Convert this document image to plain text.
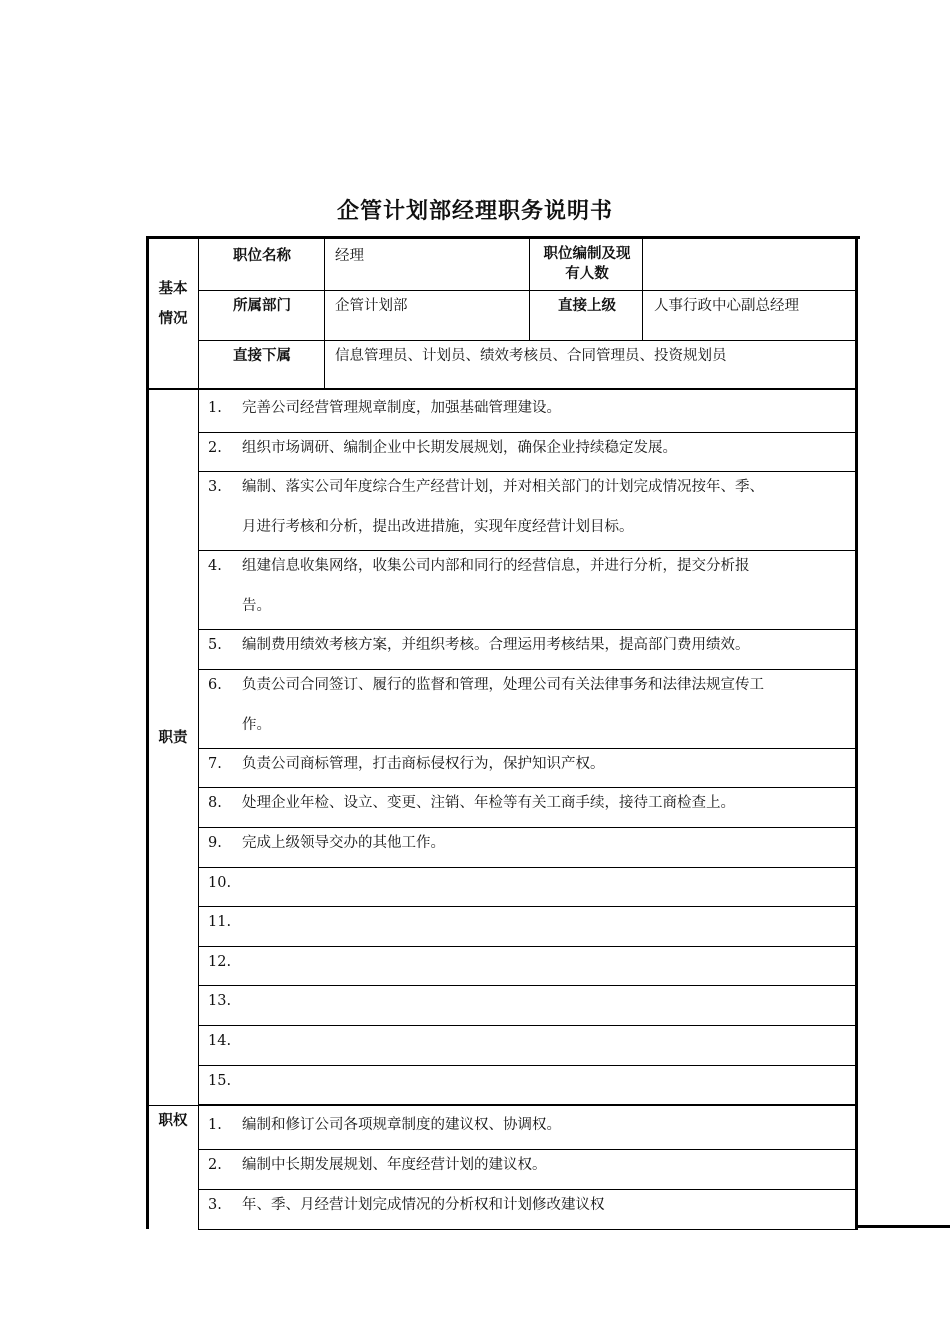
企管计划部经理职务说明书
基本
情况
职位名称	经理	职位编制及现有人数
所属部门	企管计划部	直接上级	人事行政中心副总经理
直接下属	信息管理员、计划员、绩效考核员、合同管理员、投资规划员
职责
1. 完善公司经营管理规章制度，加强基础管理建设。
2. 组织市场调研、编制企业中长期发展规划，确保企业持续稳定发展。
3. 编制、落实公司年度综合生产经营计划，并对相关部门的计划完成情况按年、季、
月进行考核和分析，提出改进措施，实现年度经营计划目标。
4. 组建信息收集网络，收集公司内部和同行的经营信息，并进行分析，提交分析报
告。
5. 编制费用绩效考核方案，并组织考核。合理运用考核结果，提高部门费用绩效。
6. 负责公司合同签订、履行的监督和管理，处理公司有关法律事务和法律法规宣传工
作。
7. 负责公司商标管理，打击商标侵权行为，保护知识产权。
8. 处理企业年检、设立、变更、注销、年检等有关工商手续，接待工商检查上。
9. 完成上级领导交办的其他工作。
10.
11.
12.
13.
14.
15.
职权	1. 编制和修订公司各项规章制度的建议权、协调权。
2. 编制中长期发展规划、年度经营计划的建议权。
3. 年、季、月经营计划完成情况的分析权和计划修改建议权
